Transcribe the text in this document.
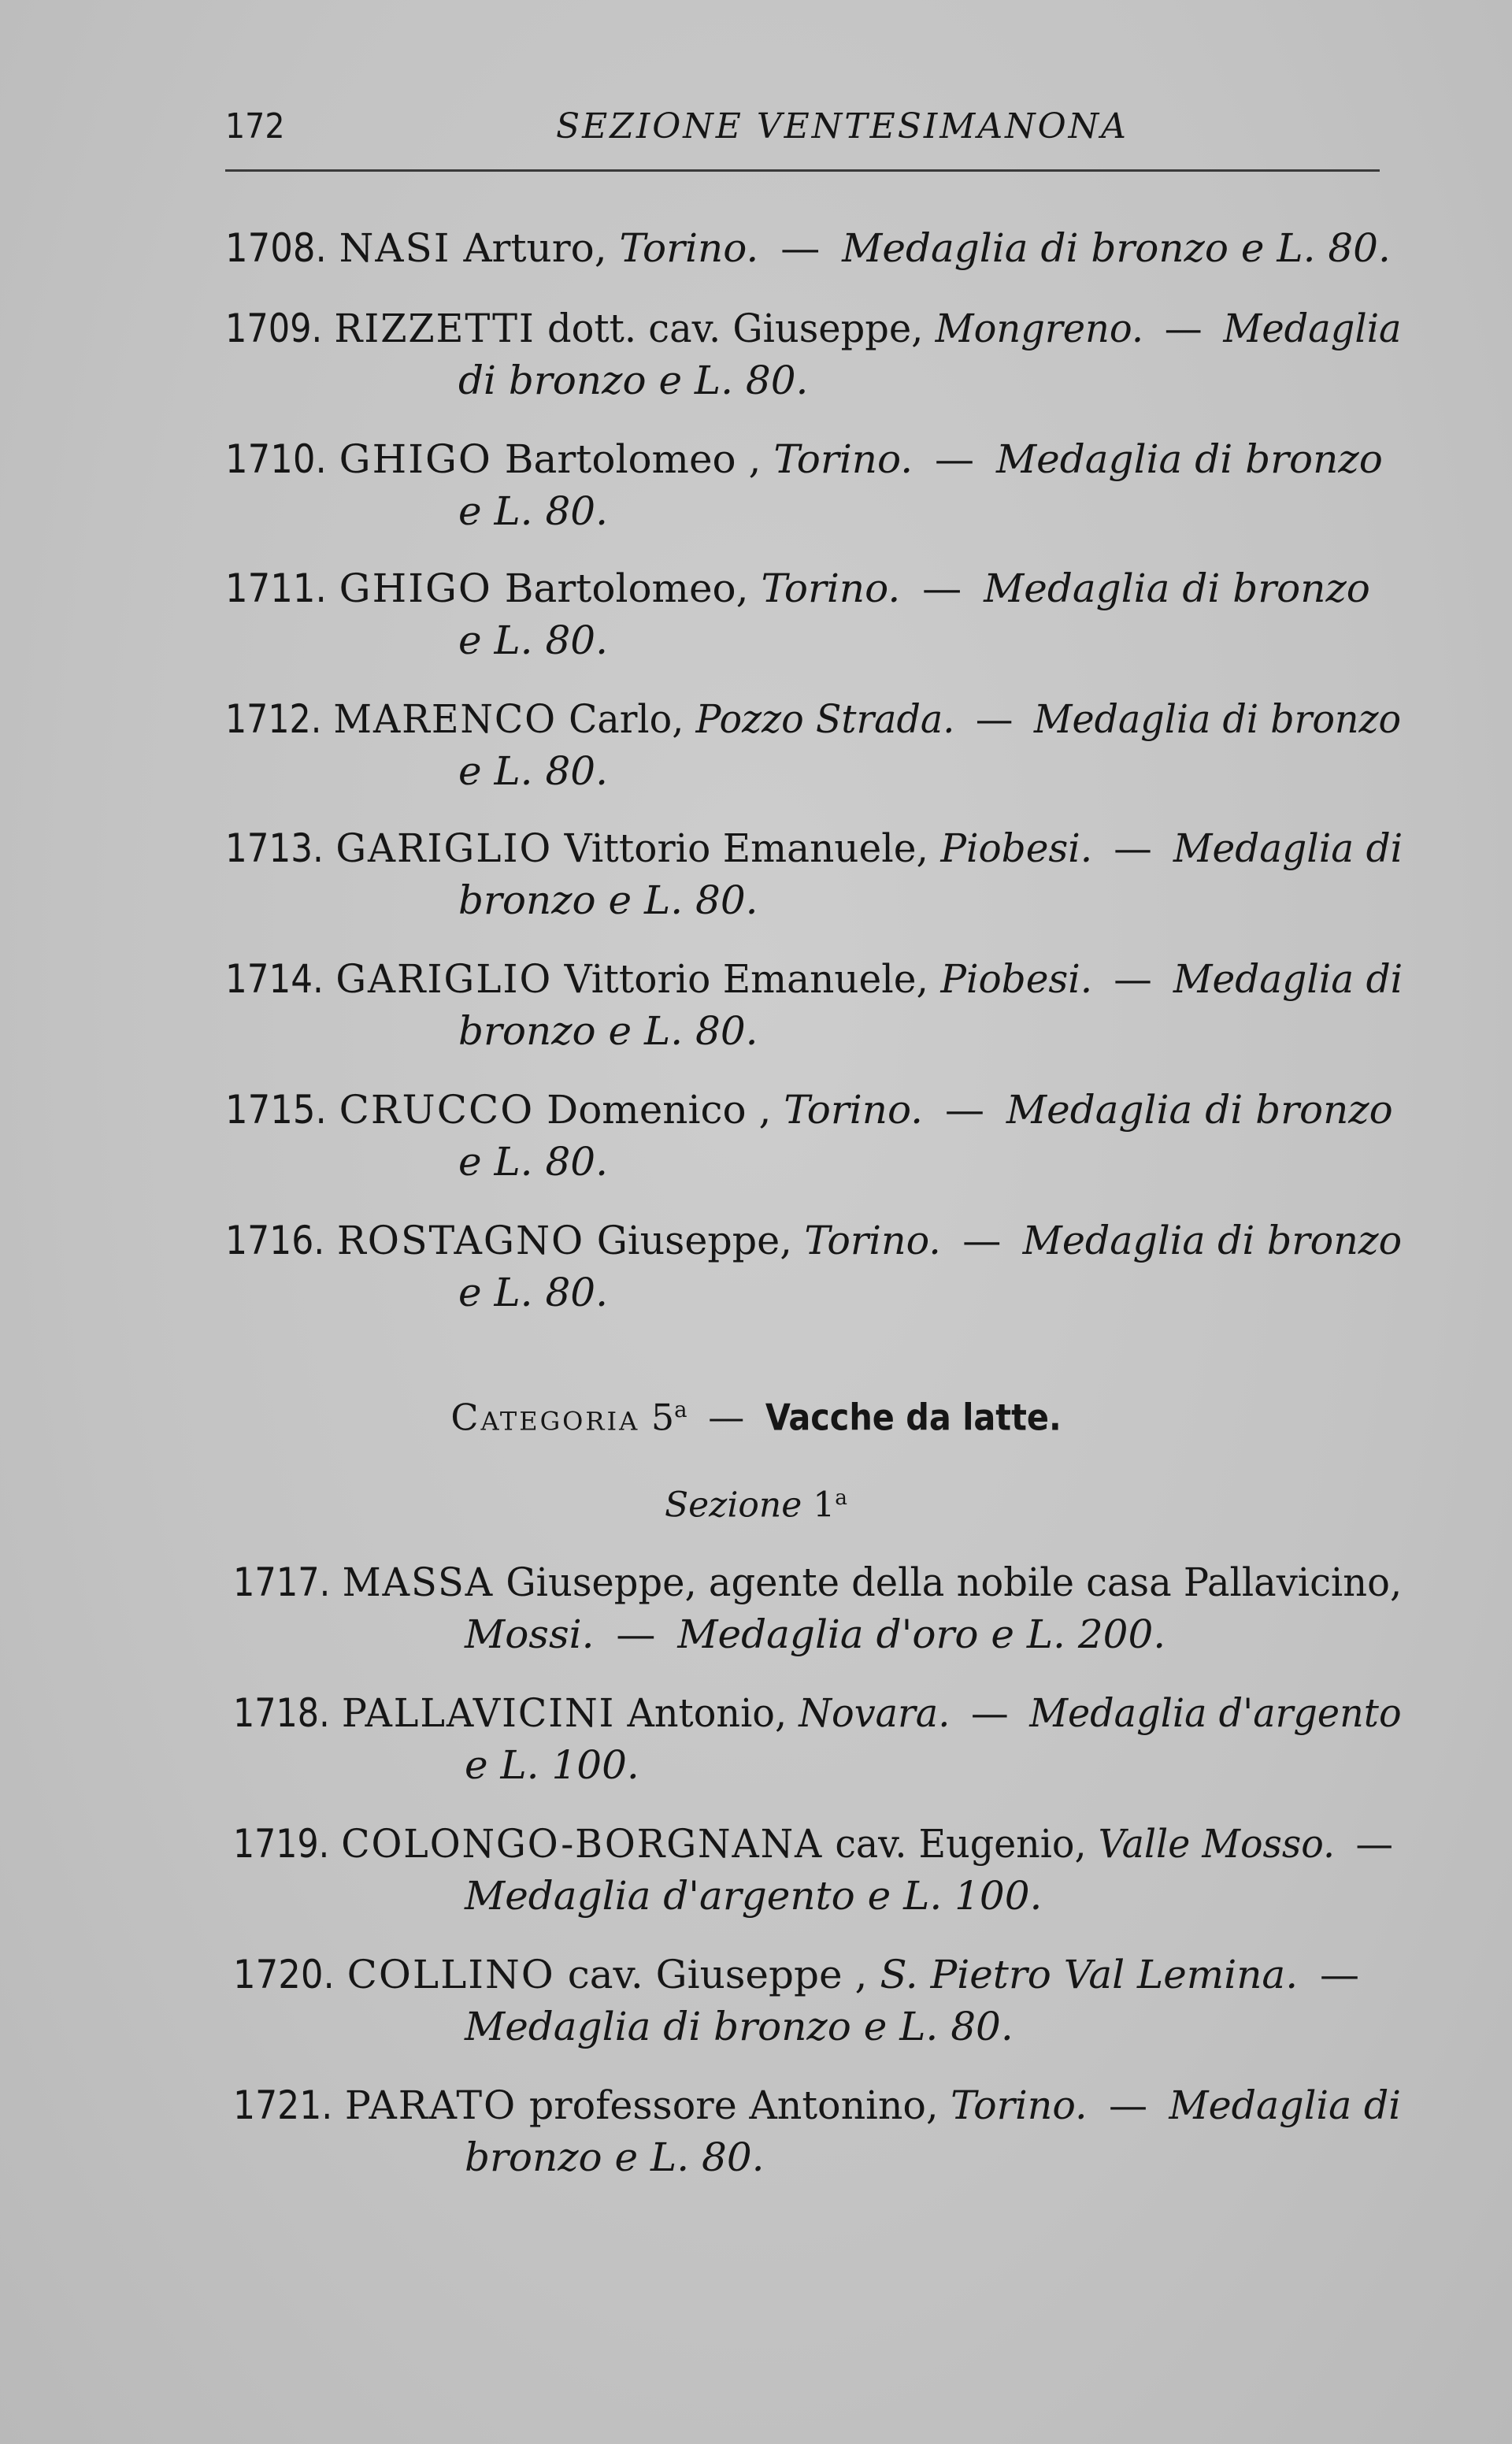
172	SEZIONE VENTESIMANONA
1708. NASI Arturo, Torino. — Medaglia di bronzo e L. 80.
1709. RIZZETTI dott. cav. Giuseppe, Mongreno. — Medaglia
di bronzo e L. 80.
1710. GHIGO Bartolomeo , Torino. — Medaglia di bronzo
e L. 80.
1711. GHIGO Bartolomeo, Torino. — Medaglia di bronzo
e L. 80.
1712. MARENCO Carlo, Pozzo Strada. — Medaglia di bronzo
e L. 80.
1713. GARIGLIO Vittorio Emanuele, Piobesi. — Medaglia di
bronzo e L. 80.
1714. GARIGLIO Vittorio Emanuele, Piobesi. — Medaglia di
bronzo e L. 80.
1715. CRUCCO Domenico , Torino. — Medaglia di bronzo
e L. 80.
1716. ROSTAGNO Giuseppe, Torino. — Medaglia di bronzo
e L. 80.
Categoria 5$^a$ — Vacche da latte.
Sezione 1$^a$
1717. MASSA Giuseppe, agente della nobile casa Pallavicino,
Mossi. — Medaglia d'oro e L. 200.
1718. PALLAVICINI Antonio, Novara. — Medaglia d'argento
e L. 100.
1719. COLONGO-BORGNANA cav. Eugenio, Valle Mosso. —
Medaglia d'argento e L. 100.
1720. COLLINO cav. Giuseppe , S. Pietro Val Lemina. —
Medaglia di bronzo e L. 80.
1721. PARATO professore Antonino, Torino. — Medaglia di
bronzo e L. 80.
